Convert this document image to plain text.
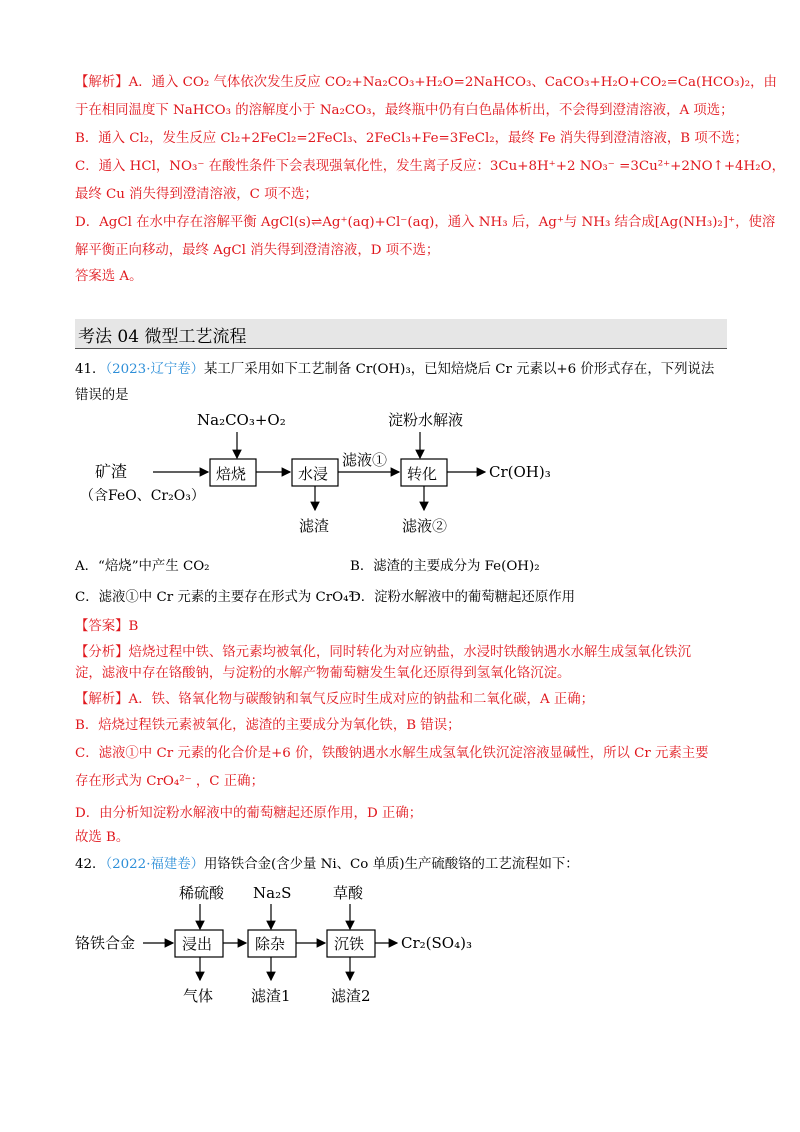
【解析】A．通入 CO₂ 气体依次发生反应 CO₂+Na₂CO₃+H₂O=2NaHCO₃、CaCO₃+H₂O+CO₂=Ca(HCO₃)₂，由
于在相同温度下 NaHCO₃ 的溶解度小于 Na₂CO₃，最终瓶中仍有白色晶体析出，不会得到澄清溶液，A 项选；
B．通入 Cl₂，发生反应 Cl₂+2FeCl₂=2FeCl₃、2FeCl₃+Fe=3FeCl₂，最终 Fe 消失得到澄清溶液，B 项不选；
C．通入 HCl，NO₃⁻ 在酸性条件下会表现强氧化性，发生离子反应：3Cu+8H⁺+2 NO₃⁻ =3Cu²⁺+2NO↑+4H₂O，
最终 Cu 消失得到澄清溶液，C 项不选；
D．AgCl 在水中存在溶解平衡 AgCl(s)⇌Ag⁺(aq)+Cl⁻(aq)，通入 NH₃ 后，Ag⁺与 NH₃ 结合成[Ag(NH₃)₂]⁺，使溶
解平衡正向移动，最终 AgCl 消失得到澄清溶液，D 项不选；
答案选 A。
考法 04 微型工艺流程
41．（2023·辽宁卷）某工厂采用如下工艺制备 Cr(OH)₃，已知焙烧后 Cr 元素以+6 价形式存在，下列说法
错误的是
Na₂CO₃+O₂	淀粉水解液
矿渣
（含FeO、Cr₂O₃）
焙烧	水浸
滤液①
转化	Cr(OH)₃
滤渣	滤液②
A．“焙烧”中产生 CO₂	B．滤渣的主要成分为 Fe(OH)₂
C．滤液①中 Cr 元素的主要存在形式为 CrO₄²⁻
D．淀粉水解液中的葡萄糖起还原作用
【答案】B
【分析】焙烧过程中铁、铬元素均被氧化，同时转化为对应钠盐，水浸时铁酸钠遇水水解生成氢氧化铁沉
淀，滤液中存在铬酸钠，与淀粉的水解产物葡萄糖发生氧化还原得到氢氧化铬沉淀。
【解析】A．铁、铬氧化物与碳酸钠和氧气反应时生成对应的钠盐和二氧化碳，A 正确；
B．焙烧过程铁元素被氧化，滤渣的主要成分为氧化铁，B 错误；
C．滤液①中 Cr 元素的化合价是+6 价，铁酸钠遇水水解生成氢氧化铁沉淀溶液显碱性，所以 Cr 元素主要
存在形式为 CrO₄²⁻ ，C 正确；
D．由分析知淀粉水解液中的葡萄糖起还原作用，D 正确；
故选 B。
42．（2022·福建卷）用铬铁合金(含少量 Ni、Co 单质)生产硫酸铬的工艺流程如下：
稀硫酸 Na₂S	草酸
铬铁合金	浸出	除杂	沉铁 Cr₂(SO₄)₃
气体	滤渣1	滤渣2
